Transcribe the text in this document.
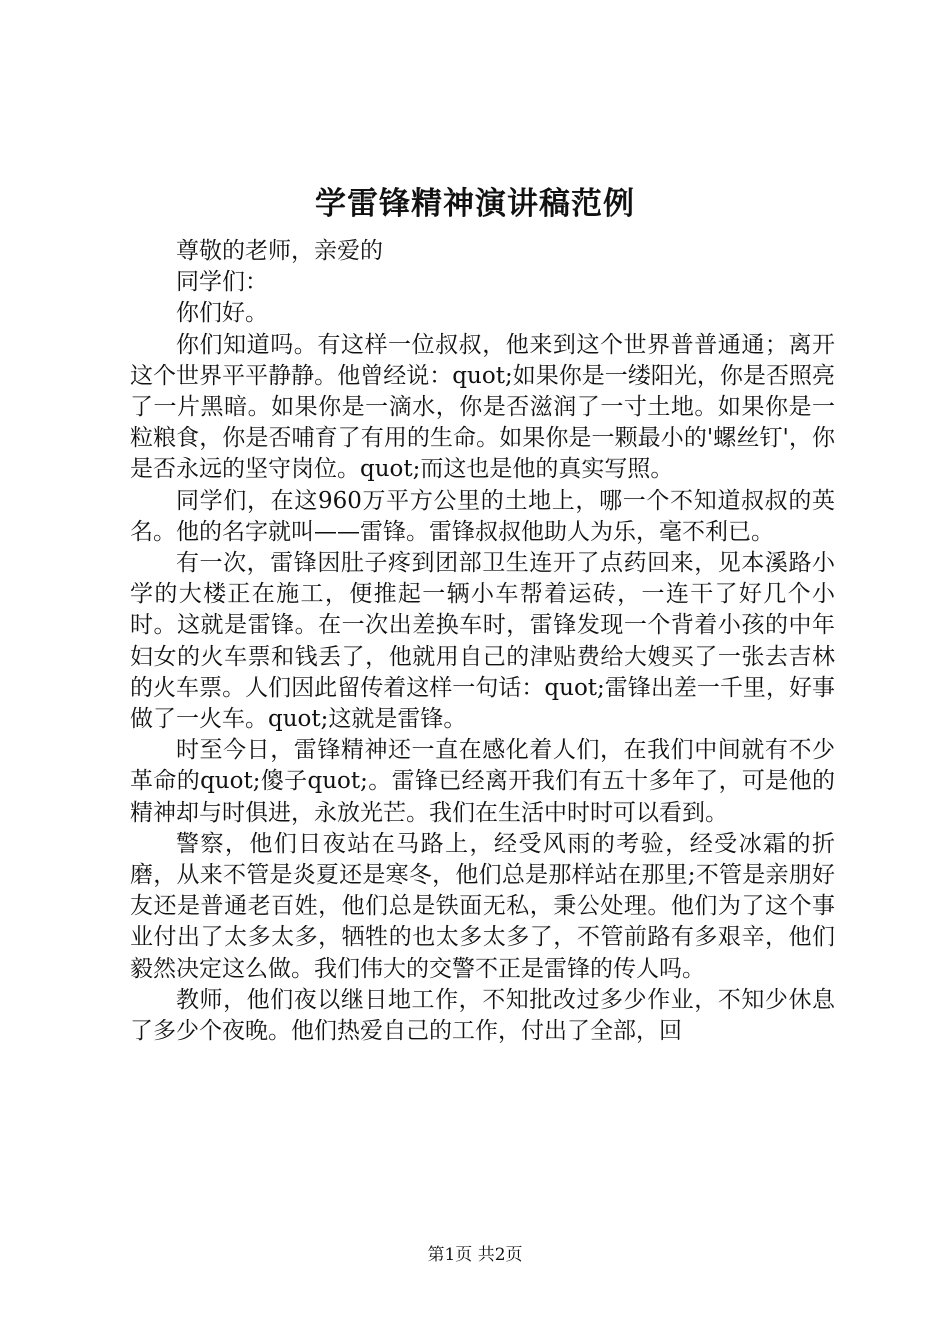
学雷锋精神演讲稿范例

尊敬的老师，亲爱的

同学们：

你们好。

你们知道吗。有这样一位叔叔，他来到这个世界普普通通；离开这个世界平平静静。他曾经说：quot;如果你是一缕阳光，你是否照亮了一片黑暗。如果你是一滴水，你是否滋润了一寸土地。如果你是一粒粮食，你是否哺育了有用的生命。如果你是一颗最小的'螺丝钉'，你是否永远的坚守岗位。quot;而这也是他的真实写照。

同学们，在这960万平方公里的土地上，哪一个不知道叔叔的英名。他的名字就叫——雷锋。雷锋叔叔他助人为乐，毫不利已。

有一次，雷锋因肚子疼到团部卫生连开了点药回来，见本溪路小学的大楼正在施工，便推起一辆小车帮着运砖，一连干了好几个小时。这就是雷锋。在一次出差换车时，雷锋发现一个背着小孩的中年妇女的火车票和钱丢了，他就用自己的津贴费给大嫂买了一张去吉林的火车票。人们因此留传着这样一句话：quot;雷锋出差一千里，好事做了一火车。quot;这就是雷锋。

时至今日，雷锋精神还一直在感化着人们，在我们中间就有不少革命的quot;傻子quot;。雷锋已经离开我们有五十多年了，可是他的精神却与时俱进，永放光芒。我们在生活中时时可以看到。

警察，他们日夜站在马路上，经受风雨的考验，经受冰霜的折磨，从来不管是炎夏还是寒冬，他们总是那样站在那里;不管是亲朋好友还是普通老百姓，他们总是铁面无私，秉公处理。他们为了这个事业付出了太多太多，牺牲的也太多太多了，不管前路有多艰辛，他们毅然决定这么做。我们伟大的交警不正是雷锋的传人吗。

教师，他们夜以继日地工作，不知批改过多少作业，不知少休息了多少个夜晚。他们热爱自己的工作，付出了全部，回

第1页 共2页
